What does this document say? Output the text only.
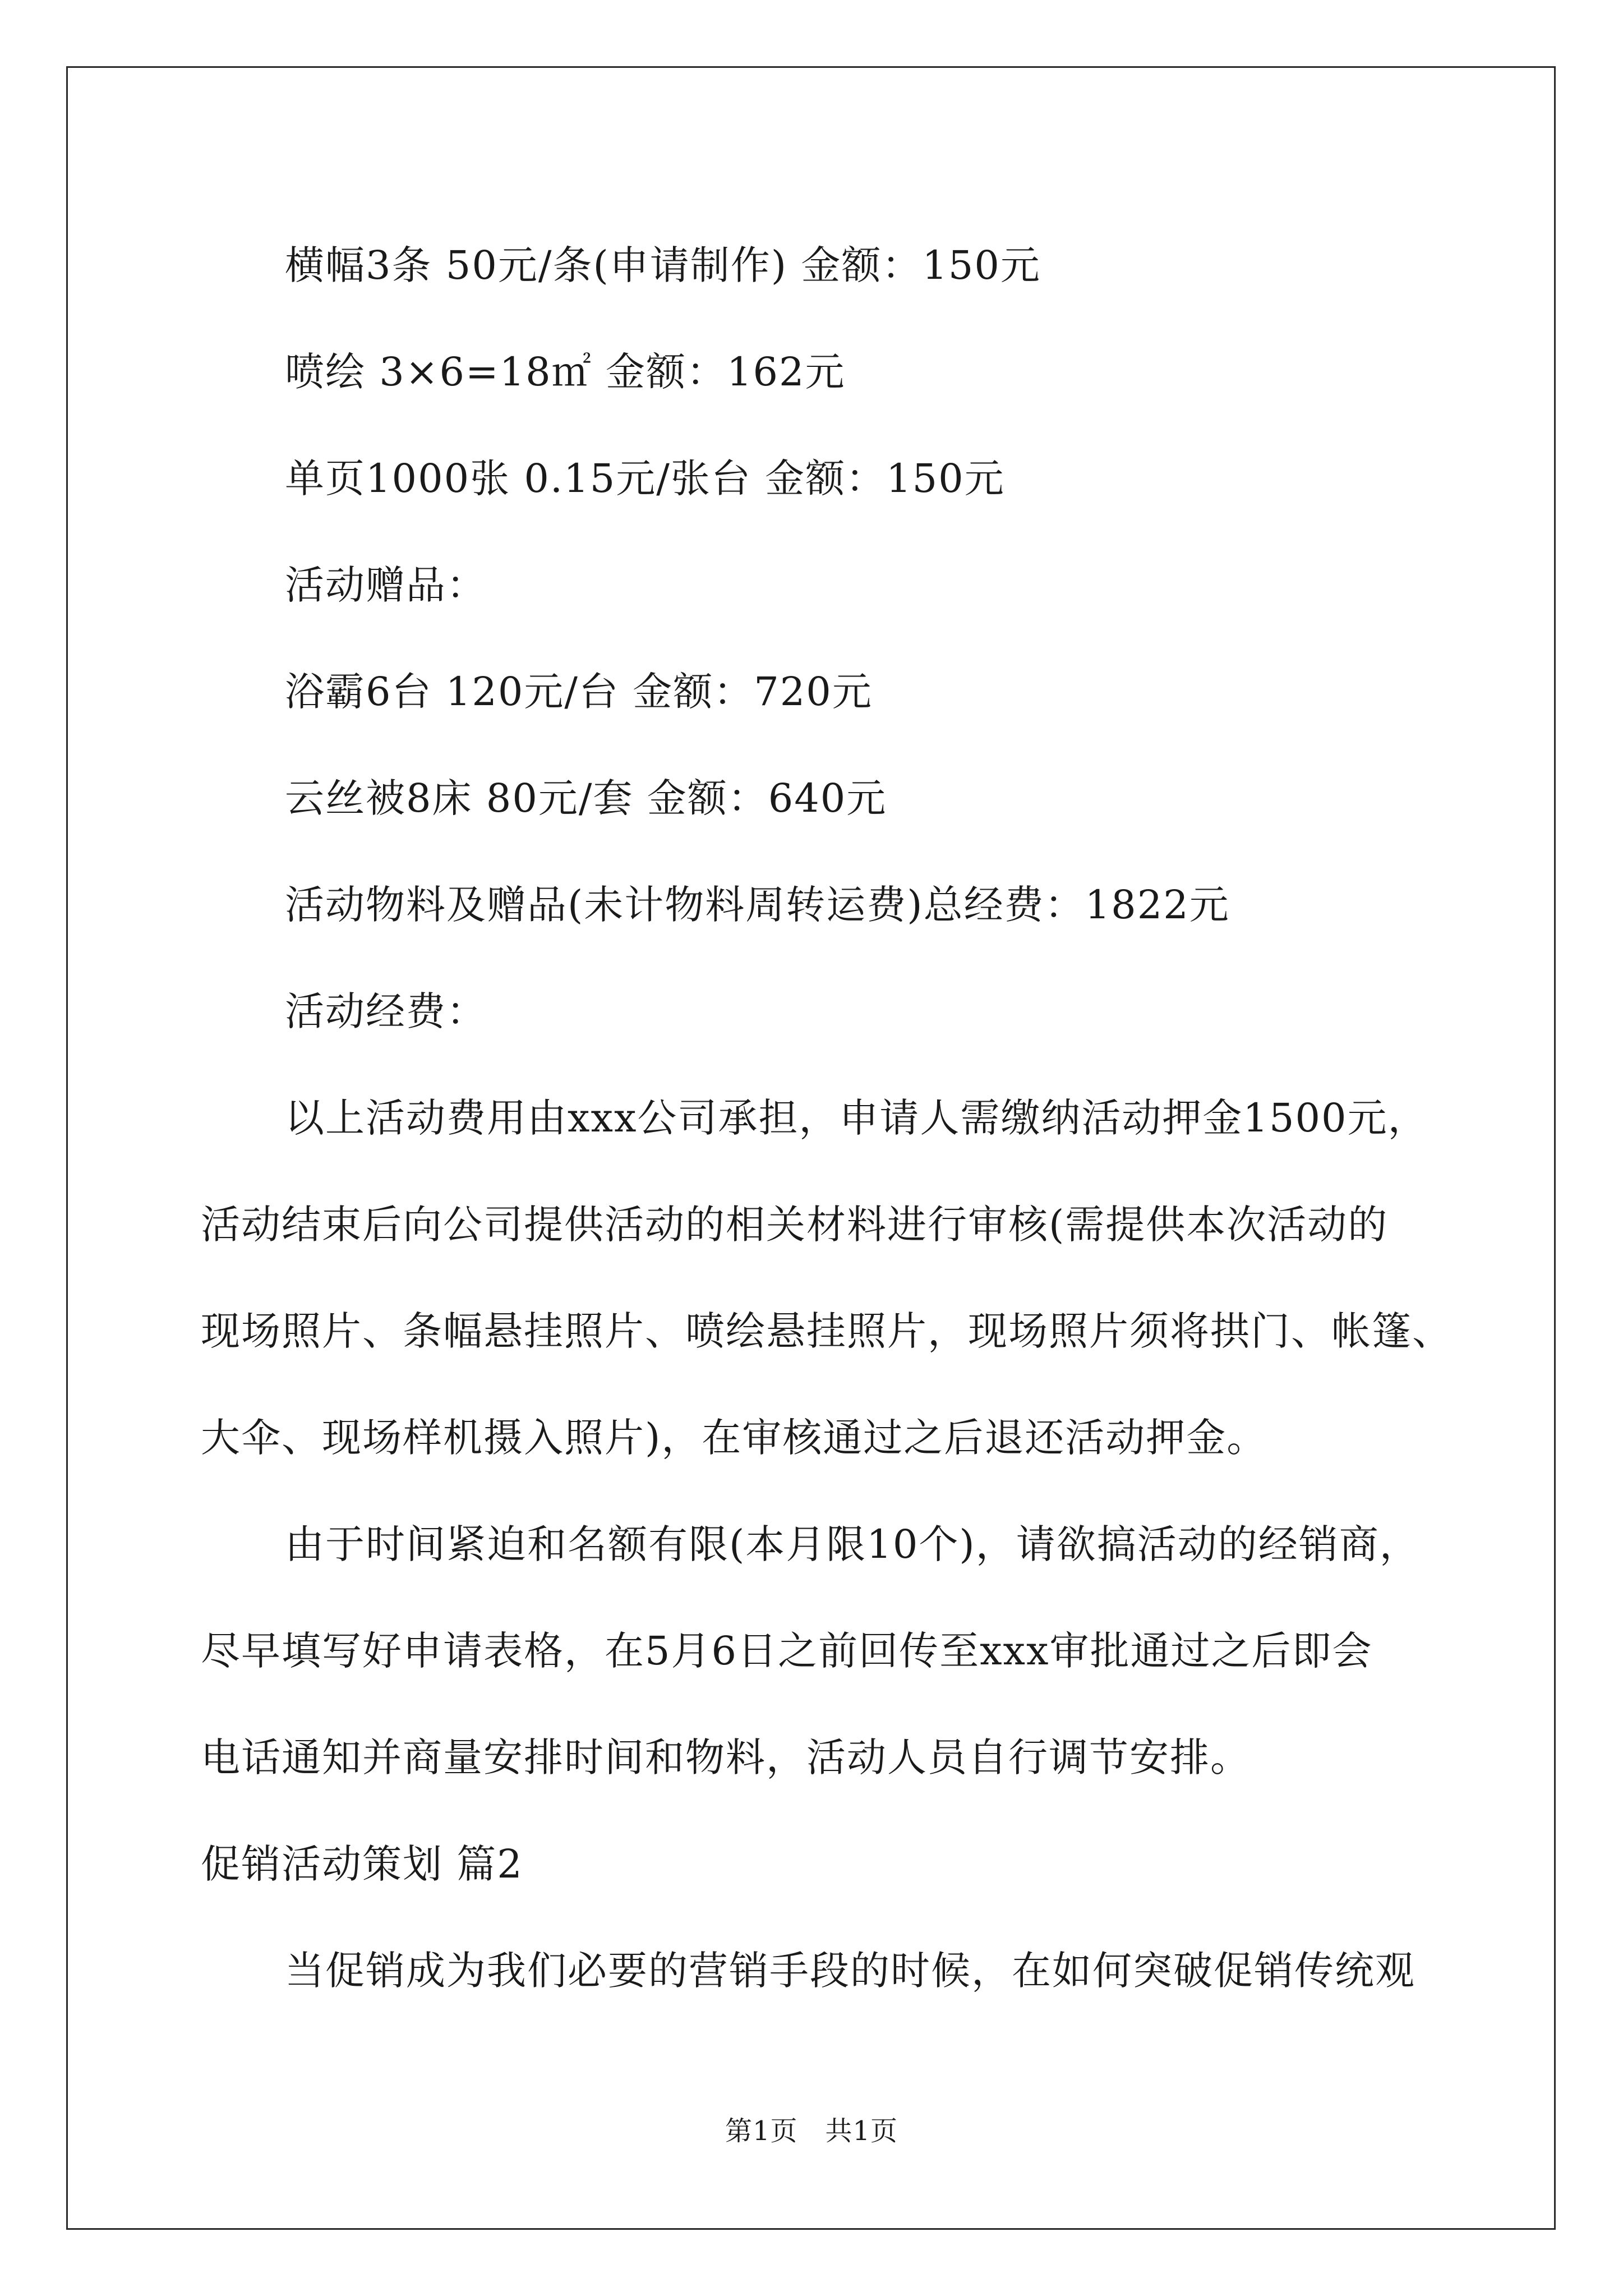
横幅3条 50元/条(申请制作) 金额：150元
喷绘 3×6=18㎡ 金额：162元
单页1000张 0.15元/张台 金额：150元
活动赠品：
浴霸6台 120元/台 金额：720元
云丝被8床 80元/套 金额：640元
活动物料及赠品(未计物料周转运费)总经费：1822元
活动经费：
以上活动费用由xxx公司承担，申请人需缴纳活动押金1500元，
活动结束后向公司提供活动的相关材料进行审核(需提供本次活动的
现场照片、条幅悬挂照片、喷绘悬挂照片，现场照片须将拱门、帐篷、
大伞、现场样机摄入照片)，在审核通过之后退还活动押金。
由于时间紧迫和名额有限(本月限10个)，请欲搞活动的经销商，
尽早填写好申请表格，在5月6日之前回传至xxx审批通过之后即会
电话通知并商量安排时间和物料，活动人员自行调节安排。
促销活动策划 篇2
当促销成为我们必要的营销手段的时候，在如何突破促销传统观
第1页　共1页
